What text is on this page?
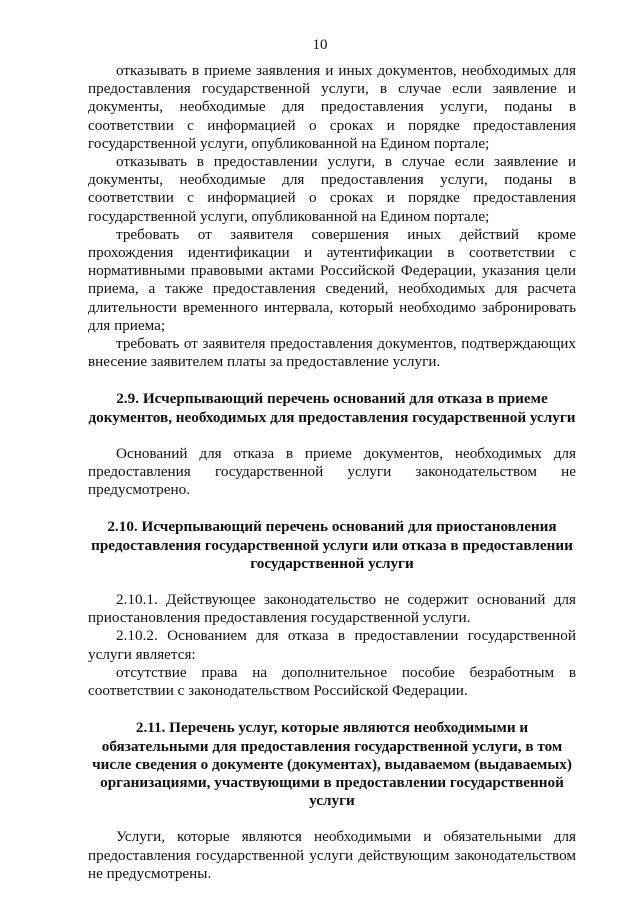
10

отказывать в приеме заявления и иных документов, необходимых для предоставления государственной услуги, в случае если заявление и документы, необходимые для предоставления услуги, поданы в соответствии с информацией о сроках и порядке предоставления государственной услуги, опубликованной на Едином портале;

отказывать в предоставлении услуги, в случае если заявление и документы, необходимые для предоставления услуги, поданы в соответствии с информацией о сроках и порядке предоставления государственной услуги, опубликованной на Едином портале;

требовать от заявителя совершения иных действий кроме прохождения идентификации и аутентификации в соответствии с нормативными правовыми актами Российской Федерации, указания цели приема, а также предоставления сведений, необходимых для расчета длительности временного интервала, который необходимо забронировать для приема;

требовать от заявителя предоставления документов, подтверждающих внесение заявителем платы за предоставление услуги.

2.9. Исчерпывающий перечень оснований для отказа в приеме документов, необходимых для предоставления государственной услуги

Оснований для отказа в приеме документов, необходимых для предоставления государственной услуги законодательством не предусмотрено.

2.10. Исчерпывающий перечень оснований для приостановления предоставления государственной услуги или отказа в предоставлении государственной услуги

2.10.1. Действующее законодательство не содержит оснований для приостановления предоставления государственной услуги.

2.10.2. Основанием для отказа в предоставлении государственной услуги является:

отсутствие права на дополнительное пособие безработным в соответствии с законодательством Российской Федерации.

2.11. Перечень услуг, которые являются необходимыми и обязательными для предоставления государственной услуги, в том числе сведения о документе (документах), выдаваемом (выдаваемых) организациями, участвующими в предоставлении государственной услуги

Услуги, которые являются необходимыми и обязательными для предоставления государственной услуги действующим законодательством не предусмотрены.
